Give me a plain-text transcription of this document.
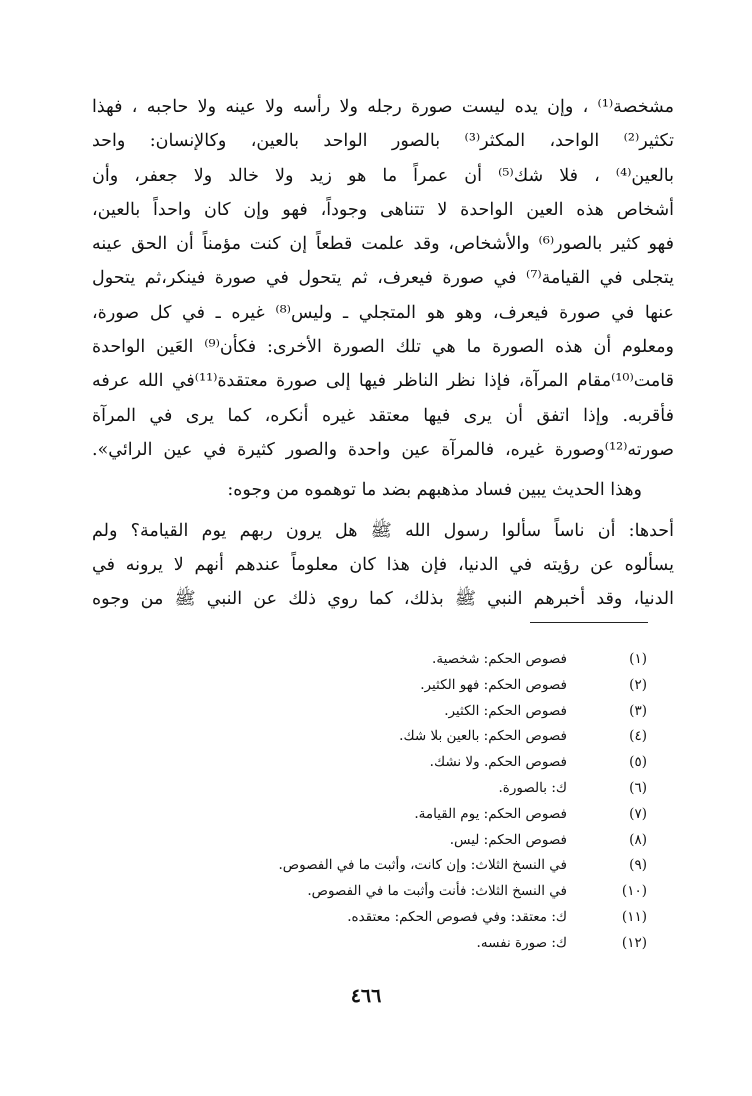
مشخصة⁽¹⁾ ، وإن يده ليست صورة رجله ولا رأسه ولا عينه ولا حاجبه ، فهذا
تكثير⁽²⁾ الواحد، المكثر⁽³⁾ بالصور الواحد بالعين، وكالإنسان: واحد
بالعين⁽⁴⁾ ، فلا شك⁽⁵⁾ أن عمراً ما هو زيد ولا خالد ولا جعفر، وأن
أشخاص هذه العين الواحدة لا تتناهى وجوداً، فهو وإن كان واحداً بالعين،
فهو كثير بالصور⁽⁶⁾ والأشخاص، وقد علمت قطعاً إن كنت مؤمناً أن الحق عينه
يتجلى في القيامة⁽⁷⁾ في صورة فيعرف، ثم يتحول في صورة فينكر،ثم يتحول
عنها في صورة فيعرف، وهو هو المتجلي ـ وليس⁽⁸⁾ غيره ـ في كل صورة،
ومعلوم أن هذه الصورة ما هي تلك الصورة الأخرى: فكأن⁽⁹⁾ العَين الواحدة
قامت⁽¹⁰⁾مقام المرآة، فإذا نظر الناظر فيها إلى صورة معتقدة⁽¹¹⁾في الله عرفه
فأقربه. وإذا اتفق أن يرى فيها معتقد غيره أنكره، كما يرى في المرآة
صورته⁽¹²⁾وصورة غيره، فالمرآة عين واحدة والصور كثيرة في عين الرائي».
وهذا الحديث يبين فساد مذهبهم بضد ما توهموه من وجوه:
أحدها: أن ناساً سألوا رسول الله ﷺ هل يرون ربهم يوم القيامة؟ ولم
يسألوه عن رؤيته في الدنيا، فإن هذا كان معلوماً عندهم أنهم لا يرونه في
الدنيا، وقد أخبرهم النبي ﷺ بذلك، كما روي ذلك عن النبي ﷺ من وجوه
(١)
فصوص الحكم: شخصية.
(٢)
فصوص الحكم: فهو الكثير.
(٣)
فصوص الحكم: الكثير.
(٤)
فصوص الحكم: بالعين بلا شك.
(٥)
فصوص الحكم. ولا نشك.
(٦)
ك: بالصورة.
(٧)
فصوص الحكم: يوم القيامة.
(٨)
فصوص الحكم: ليس.
(٩)
في النسخ الثلاث: وإن كانت، وأثبت ما في الفصوص.
(١٠)
في النسخ الثلاث: فأنت وأثبت ما في الفصوص.
(١١)
ك: معتقد: وفي فصوص الحكم: معتقده.
(١٢)
ك: صورة نفسه.
٤٦٦
